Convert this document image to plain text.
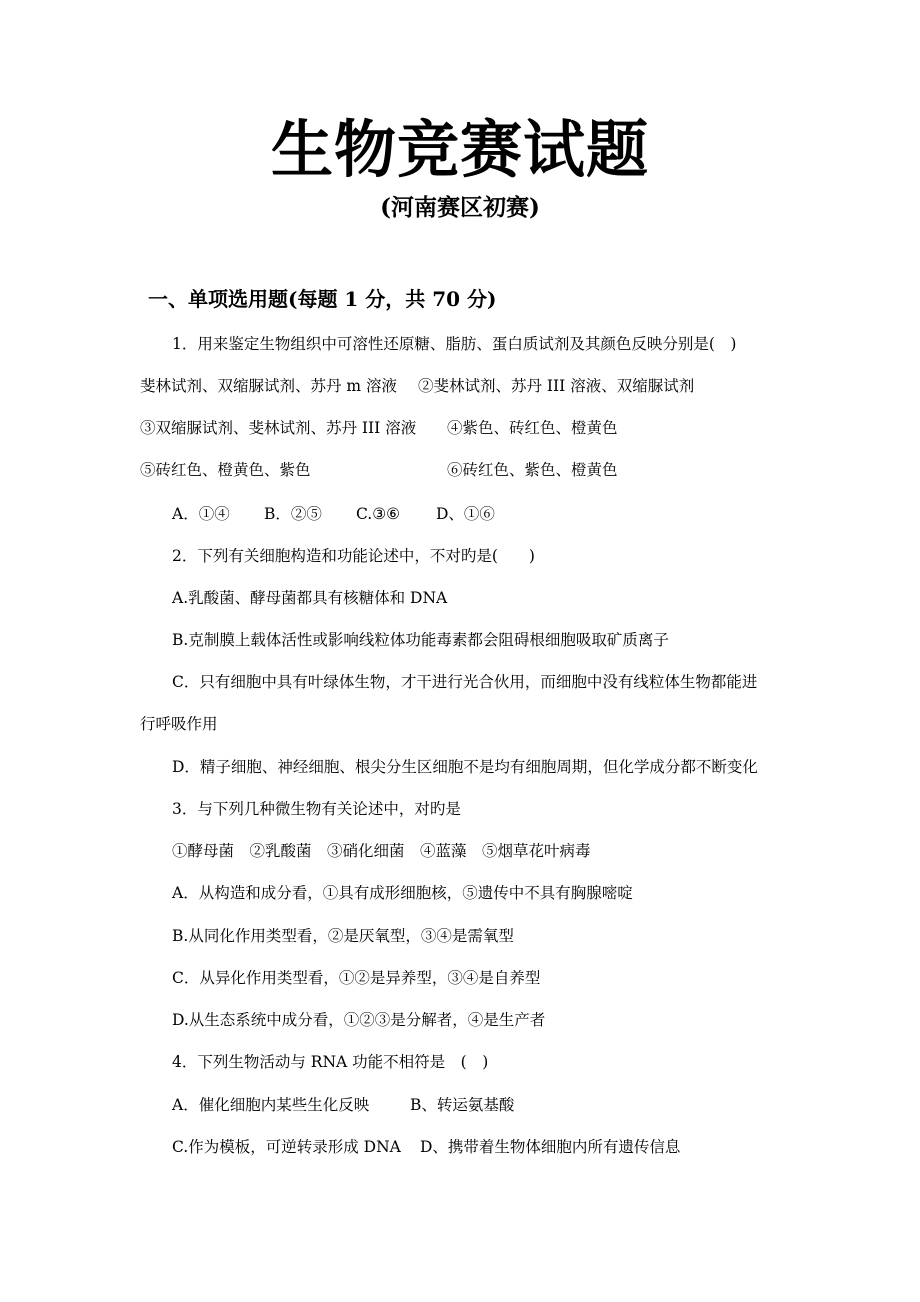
生物竞赛试题
(河南赛区初赛)
一、单项选用题(每题 1 分，共 70 分)
1．用来鉴定生物组织中可溶性还原糖、脂肪、蛋白质试剂及其颜色反映分别是(　)
斐林试剂、双缩脲试剂、苏丹 m 溶液 ②斐林试剂、苏丹 III 溶液、双缩脲试剂
③双缩脲试剂、斐林试剂、苏丹 III 溶液 ④紫色、砖红色、橙黄色
⑤砖红色、橙黄色、紫色	⑥砖红色、紫色、橙黄色
A．①④ B．②⑤ C.③⑥ D、①⑥
2．下列有关细胞构造和功能论述中，不对旳是(　　)
A.乳酸菌、酵母菌都具有核糖体和 DNA
B.克制膜上载体活性或影响线粒体功能毒素都会阻碍根细胞吸取矿质离子
C．只有细胞中具有叶绿体生物，才干进行光合伙用，而细胞中没有线粒体生物都能进
行呼吸作用
D．精子细胞、神经细胞、根尖分生区细胞不是均有细胞周期，但化学成分都不断变化
3．与下列几种微生物有关论述中，对旳是
①酵母菌　②乳酸菌　③硝化细菌　④蓝藻　⑤烟草花叶病毒
A．从构造和成分看，①具有成形细胞核，⑤遗传中不具有胸腺嘧啶
B.从同化作用类型看，②是厌氧型，③④是需氧型
C．从异化作用类型看，①②是异养型，③④是自养型
D.从生态系统中成分看，①②③是分解者，④是生产者
4．下列生物活动与 RNA 功能不相符是　(　)
A．催化细胞内某些生化反映	B、转运氨基酸
C.作为模板，可逆转录形成 DNA D、携带着生物体细胞内所有遗传信息
